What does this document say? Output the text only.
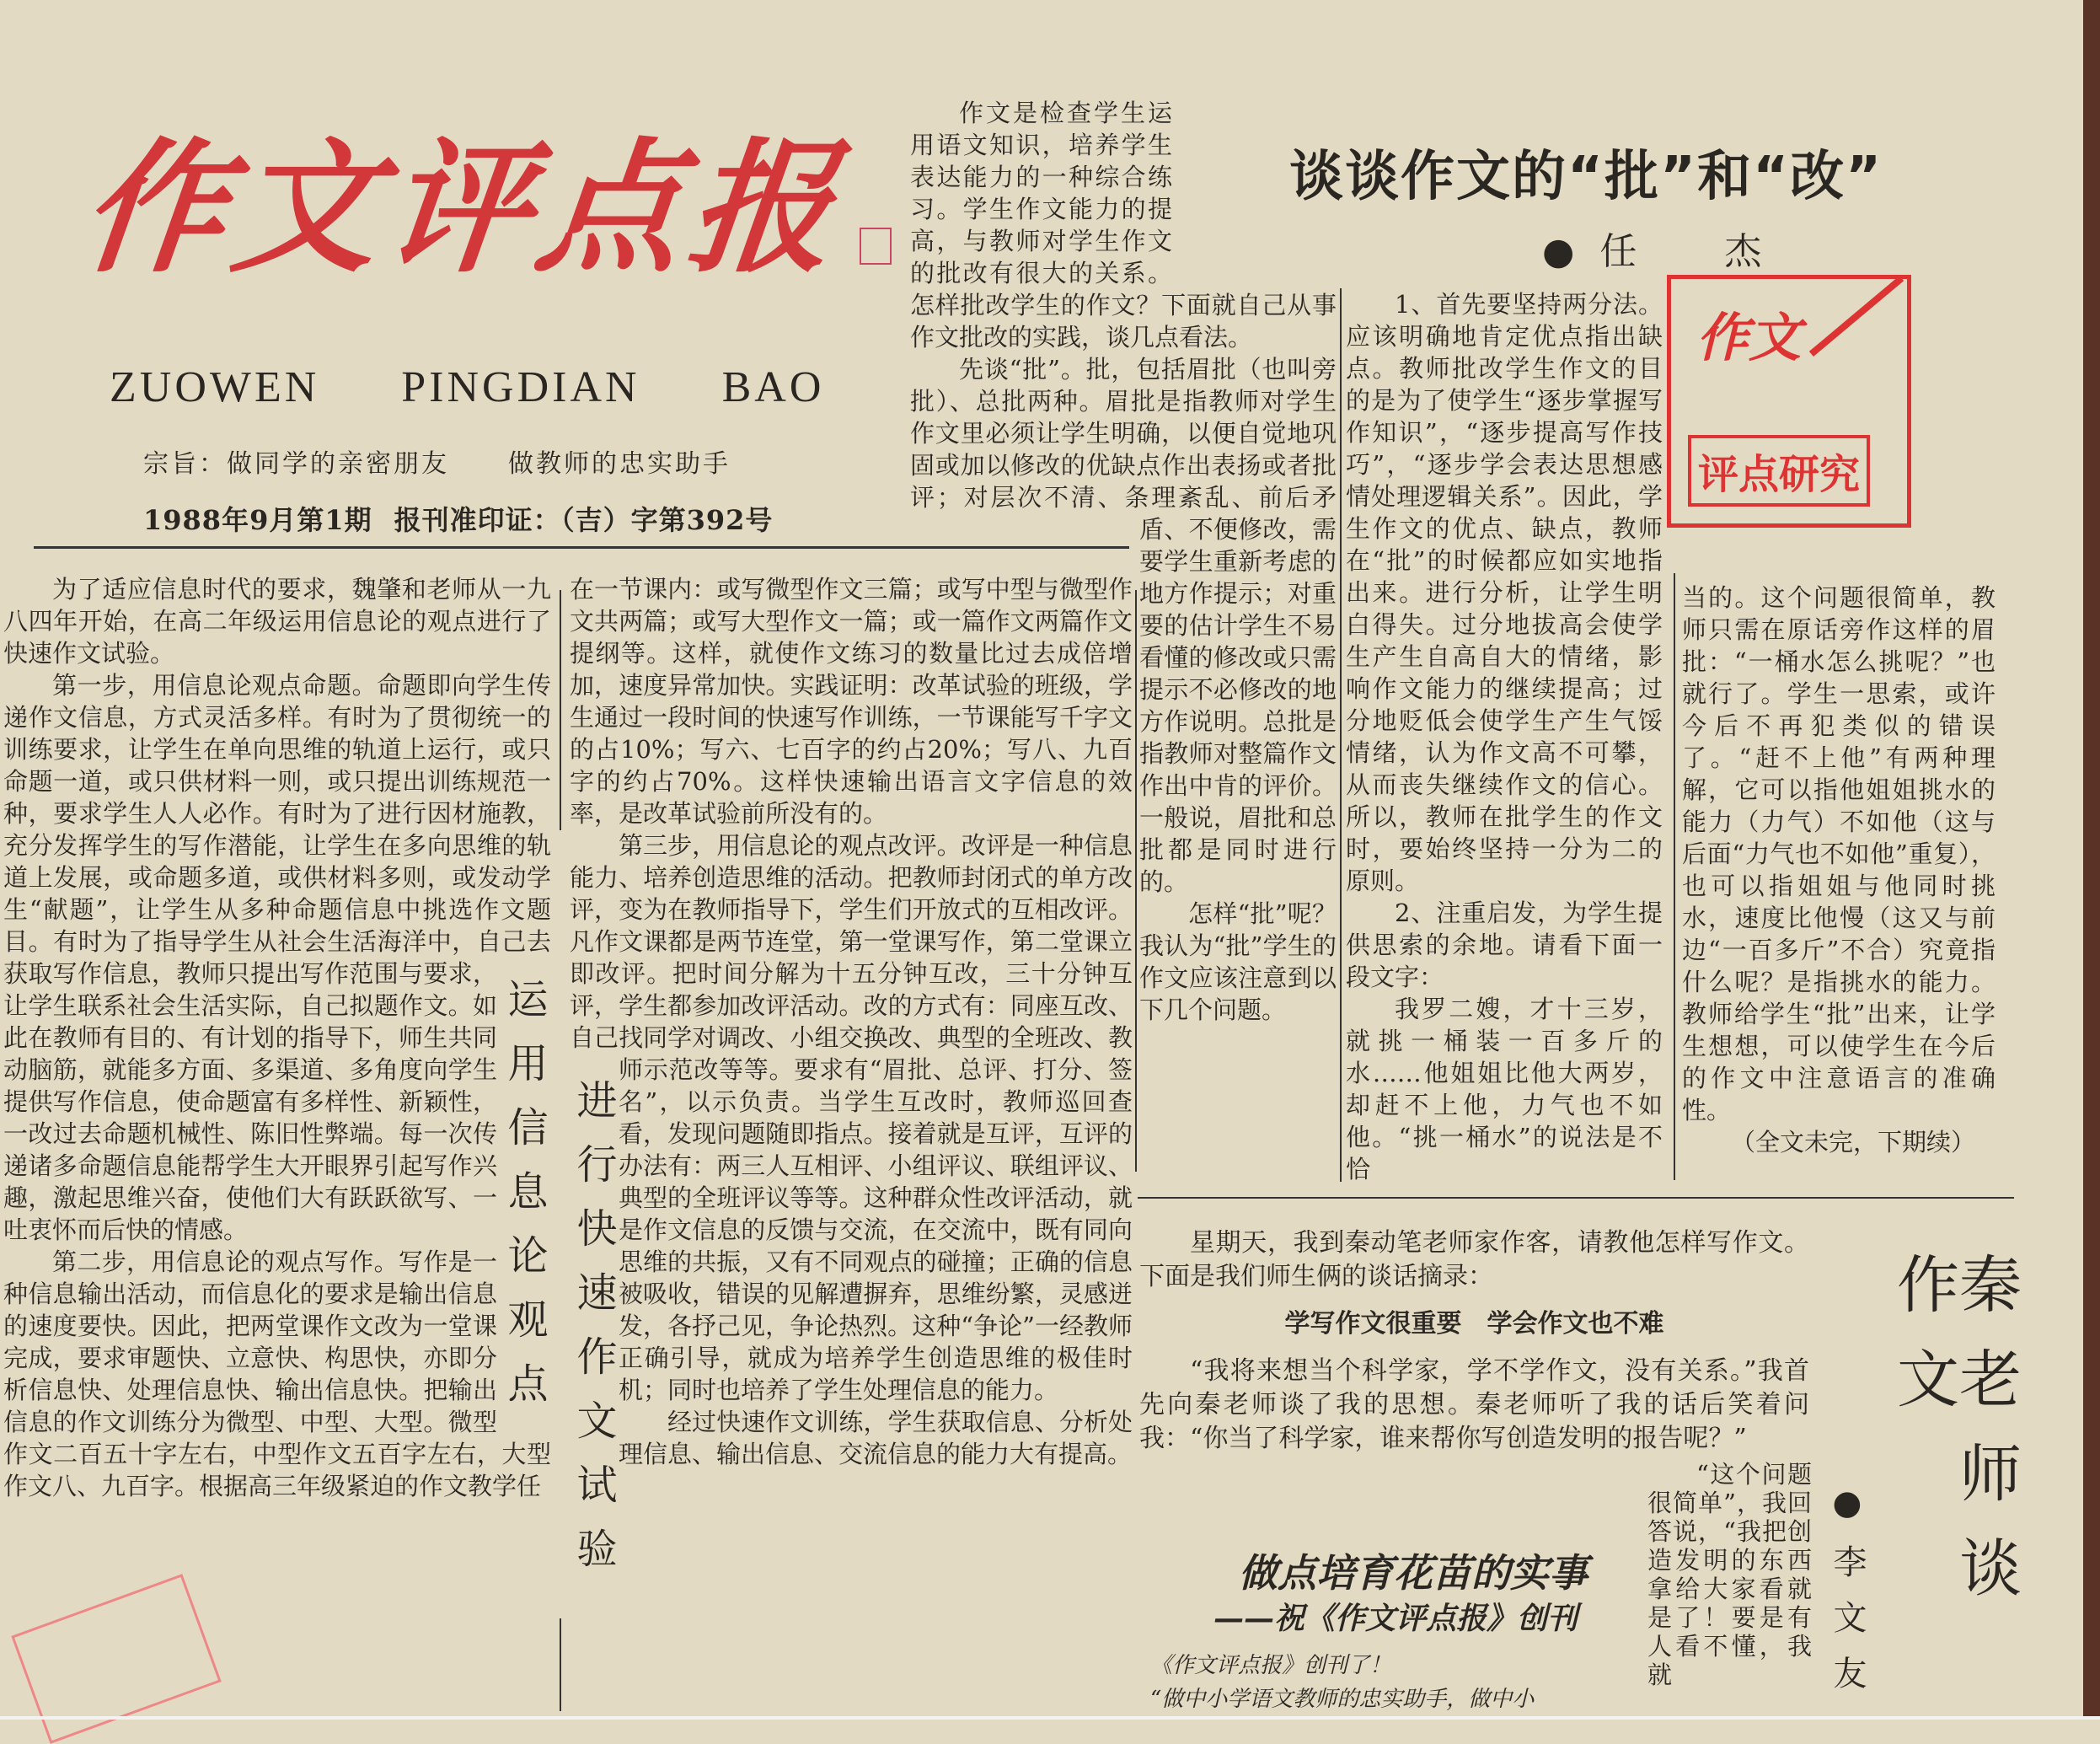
作文评点报
ZUOWEN PINGDIAN BAO
宗旨：做同学的亲密朋友 做教师的忠实助手
1988年9月第1期 报刊准印证：（吉）字第392号
谈谈作文的“批”和“改”
●任　杰
作文
评点研究

作文是检查学生运用语文知识，培养学生表达能力的一种综合练习。学生作文能力的提高，与教师对学生作文的批改有很大的关系。怎样批改学生的作文？下面就自己从事作文批改的实践，谈几点看法。

先谈“批”。批，包括眉批（也叫旁批）、总批两种。眉批是指教师对学生作文里必须让学生明确，以便自觉地巩固或加以修改的优缺点作出表扬或者批评；对层次不清、条理紊乱、前后矛盾、不便修改，需要学生重新考虑的地方作提示；对重要的估计学生不易看懂的修改或只需提示不必修改的地方作说明。总批是指教师对整篇作文作出中肯的评价。一般说，眉批和总批都是同时进行的。

怎样“批”呢？我认为“批”学生的作文应该注意到以下几个问题。

1、首先要坚持两分法。应该明确地肯定优点指出缺点。教师批改学生作文的目的是为了使学生“逐步掌握写作知识”，“逐步提高写作技巧”，“逐步学会表达思想感情处理逻辑关系”。因此，学生作文的优点、缺点，教师在“批”的时候都应如实地指出来。进行分析，让学生明白得失。过分地拔高会使学生产生自高自大的情绪，影响作文能力的继续提高；过分地贬低会使学生产生气馁情绪，认为作文高不可攀，从而丧失继续作文的信心。所以，教师在批学生的作文时，要始终坚持一分为二的原则。

2、注重启发，为学生提供思索的余地。请看下面一段文字：

我罗二嫂，才十三岁，就挑一桶装一百多斤的水……他姐姐比他大两岁，却赶不上他，力气也不如他。“挑一桶水”的说法是不恰

当的。这个问题很简单，教师只需在原话旁作这样的眉批：“一桶水怎么挑呢？”也就行了。学生一思索，或许今后不再犯类似的错误了。“赶不上他”有两种理解，它可以指他姐姐挑水的能力（力气）不如他（这与后面“力气也不如他”重复），也可以指姐姐与他同时挑水，速度比他慢（这又与前边“一百多斤”不合）究竟指什么呢？是指挑水的能力。教师给学生“批”出来，让学生想想，可以使学生在今后的作文中注意语言的准确性。

（全文未完，下期续）

为了适应信息时代的要求，魏肇和老师从一九八四年开始，在高二年级运用信息论的观点进行了快速作文试验。

第一步，用信息论观点命题。命题即向学生传递作文信息，方式灵活多样。有时为了贯彻统一的训练要求，让学生在单向思维的轨道上运行，或只命题一道，或只供材料一则，或只提出训练规范一种，要求学生人人必作。有时为了进行因材施教，充分发挥学生的写作潜能，让学生在多向思维的轨道上发展，或命题多道，或供材料多则，或发动学生“献题”，让学生从多种命题信息中挑选作文题目。有时为了指导学生从社会生活海洋中，自己去获取写作信息，教师只提出写作范围与要求，让学生联系社会生活实际，自己拟题作文。如此在教师有目的、有计划的指导下，师生共同动脑筋，就能多方面、多渠道、多角度向学生提供写作信息，使命题富有多样性、新颖性，一改过去命题机械性、陈旧性弊端。每一次传递诸多命题信息能帮学生大开眼界引起写作兴趣，激起思维兴奋，使他们大有跃跃欲写、一吐衷怀而后快的情感。

第二步，用信息论的观点写作。写作是一种信息输出活动，而信息化的要求是输出信息的速度要快。因此，把两堂课作文改为一堂课完成，要求审题快、立意快、构思快，亦即分析信息快、处理信息快、输出信息快。把输出信息的作文训练分为微型、中型、大型。微型作文二百五十字左右，中型作文五百字左右，大型作文八、九百字。根据高三年级紧迫的作文教学任

运用信息论观点 进行快速作文试验

在一节课内：或写微型作文三篇；或写中型与微型作文共两篇；或写大型作文一篇；或一篇作文两篇作文提纲等。这样，就使作文练习的数量比过去成倍增加，速度异常加快。实践证明：改革试验的班级，学生通过一段时间的快速写作训练，一节课能写千字文的占10%；写六、七百字的约占20%；写八、九百字的约占70%。这样快速输出语言文字信息的效率，是改革试验前所没有的。

第三步，用信息论的观点改评。改评是一种信息能力、培养创造思维的活动。把教师封闭式的单方改评，变为在教师指导下，学生们开放式的互相改评。凡作文课都是两节连堂，第一堂课写作，第二堂课立即改评。把时间分解为十五分钟互改，三十分钟互评，学生都参加改评活动。改的方式有：同座互改、自己找同学对调改、小组交换改、典型的全班改、教师示范改等等。要求有“眉批、总评、打分、签名”，以示负责。当学生互改时，教师巡回查看，发现问题随即指点。接着就是互评，互评的办法有：两三人互相评、小组评议、联组评议、典型的全班评议等等。这种群众性改评活动，就是作文信息的反馈与交流，在交流中，既有同向思维的共振，又有不同观点的碰撞；正确的信息被吸收，错误的见解遭摒弃，思维纷繁，灵感迸发，各抒己见，争论热烈。这种“争论”一经教师正确引导，就成为培养学生创造思维的极佳时机；同时也培养了学生处理信息的能力。

经过快速作文训练，学生获取信息、分析处理信息、输出信息、交流信息的能力大有提高。

星期天，我到秦动笔老师家作客，请教他怎样写作文。下面是我们师生俩的谈话摘录：

学写作文很重要　学会作文也不难

“我将来想当个科学家，学不学作文，没有关系。”我首先向秦老师谈了我的思想。秦老师听了我的话后笑着问我：“你当了科学家，谁来帮你写创造发明的报告呢？”

“这个问题很简单”，我回答说，“我把创造发明的东西拿给大家看就是了！要是有人看不懂，我就	●李文友	秦老师谈作文
做点培育花苗的实事
——祝《作文评点报》创刊
《作文评点报》创刊了！
“做中小学语文教师的忠实助手，做中小
